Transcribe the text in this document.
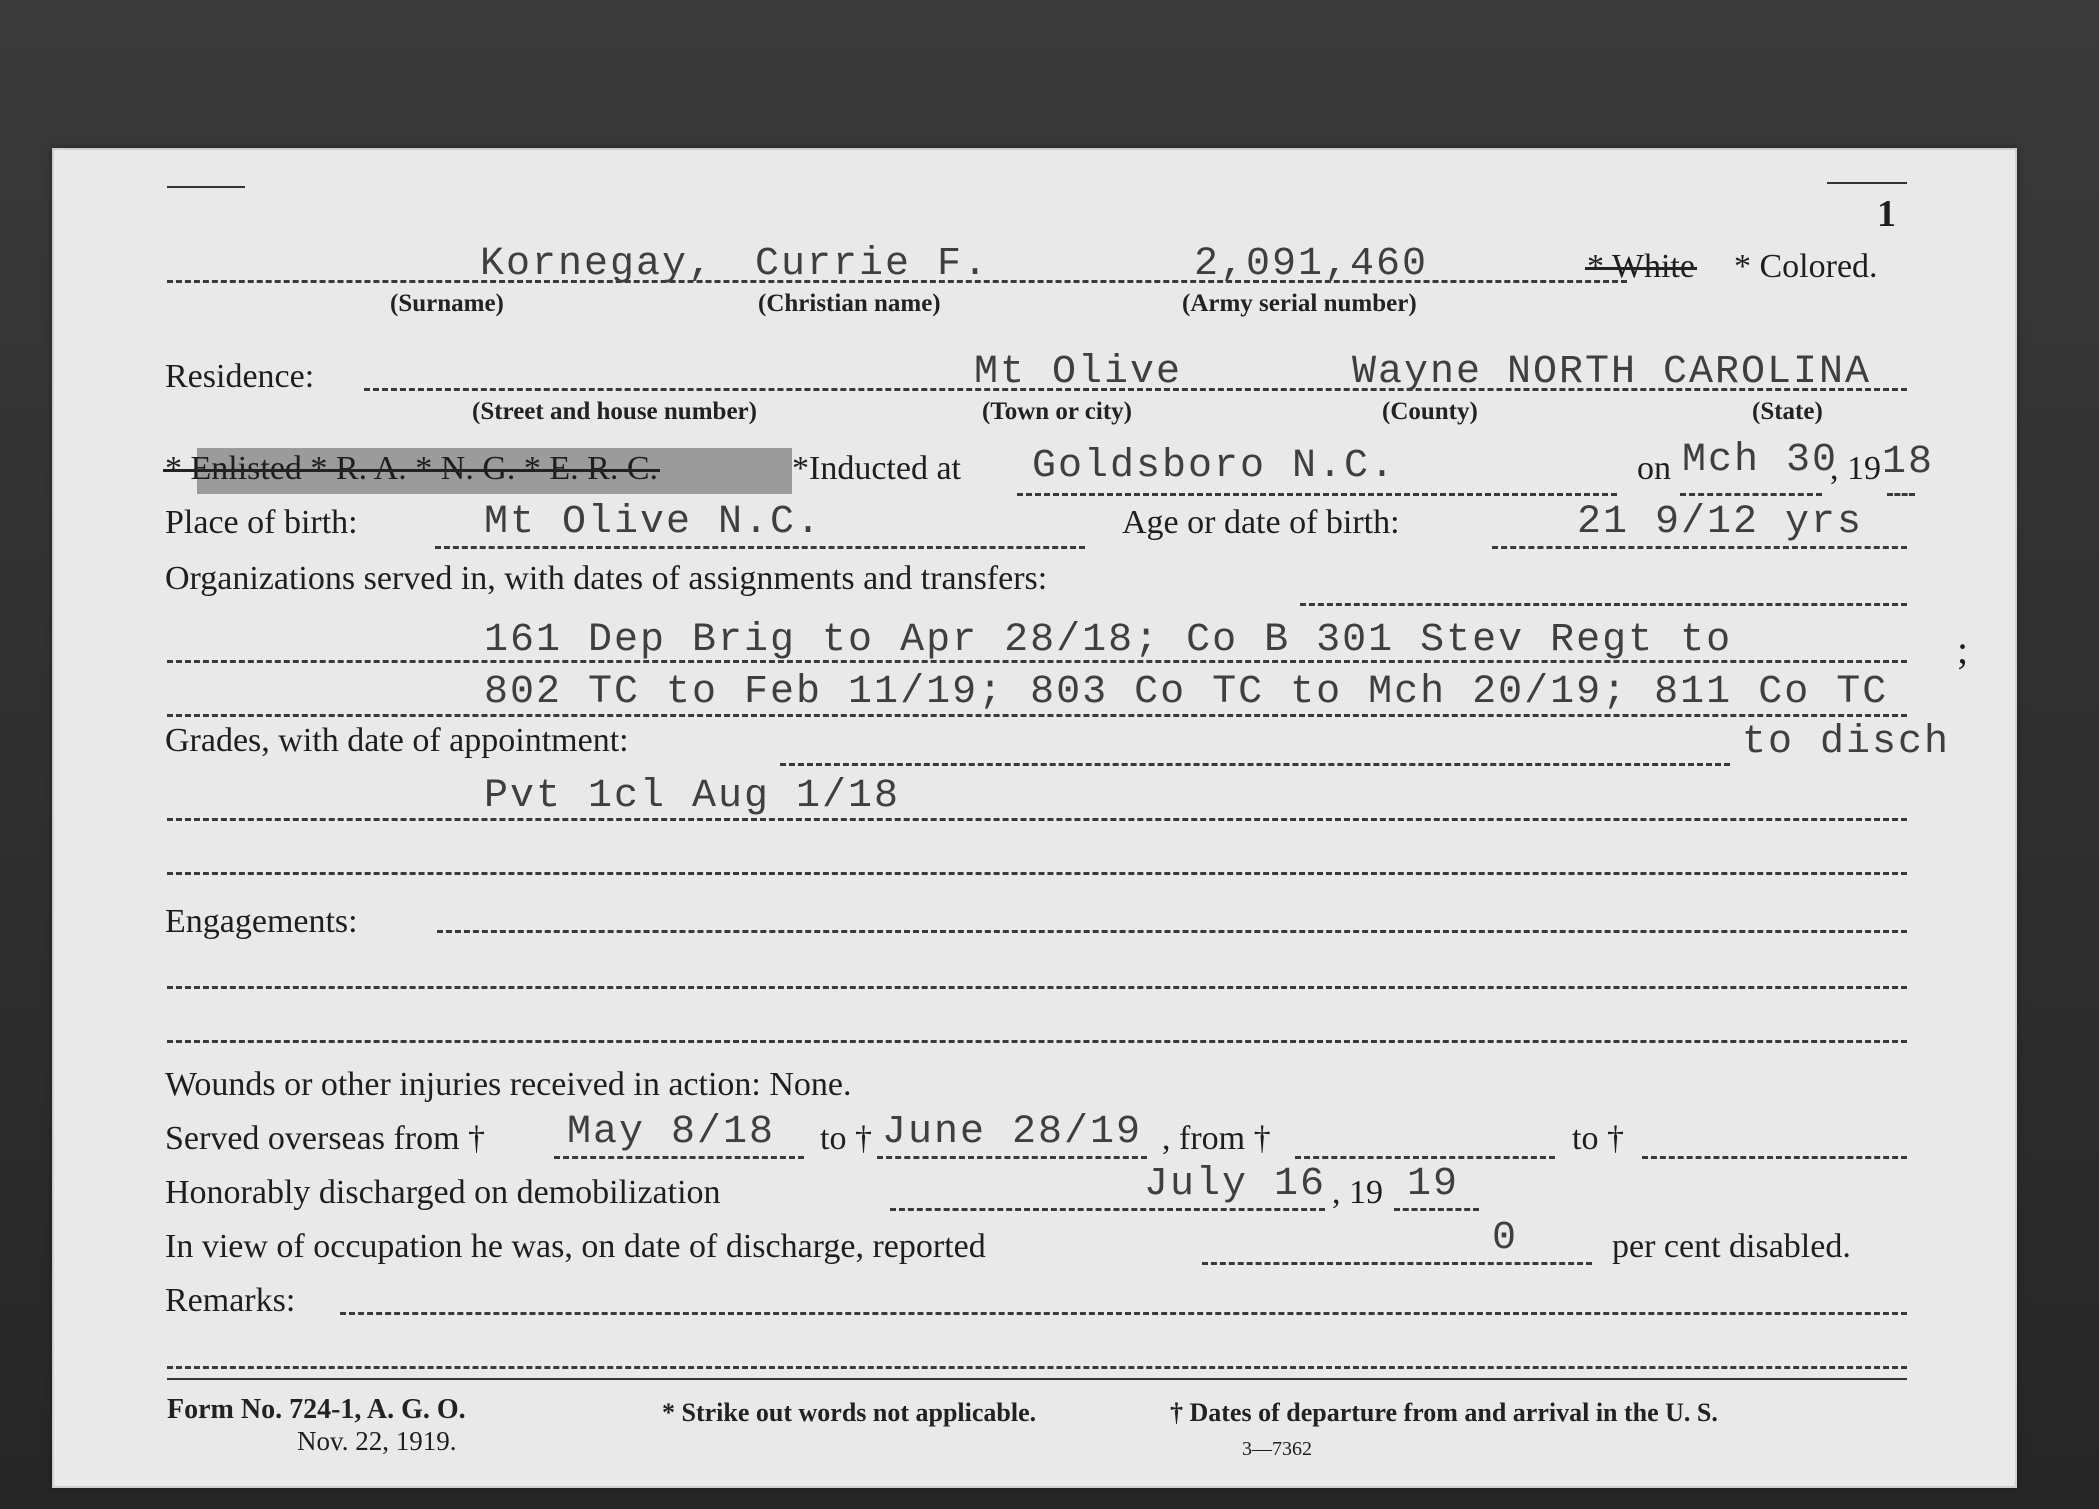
1
Kornegay, Currie F.	2,091,460	* White * Colored.
(Surname)	(Christian name)	(Army serial number)
Residence:	Mt Olive	Wayne NORTH CAROLINA
(Street and house number)	(Town or city)	(County)	(State)
* Enlisted * R. A. * N. G. * E. R. C.	*Inducted at Goldsboro N.C.	on Mch 30
, 19 18
Place of birth:	Mt Olive N.C.	Age or date of birth:	21 9/12 yrs
Organizations served in, with dates of assignments and transfers:
161 Dep Brig to Apr 28/18; Co B 301 Stev Regt to	;
802 TC to Feb 11/19; 803 Co TC to Mch 20/19; 811 Co TC
to disch
Grades, with date of appointment:
Pvt 1cl Aug 1/18
Engagements:
Wounds or other injuries received in action: None.
Served overseas from † May 8/18 to † June 28/19 , from †	to †
Honorably discharged on demobilization	July 16 , 19 19
In view of occupation he was, on date of discharge, reported	0	per cent disabled.
Remarks:
Form No. 724-1, A. G. O.
Nov. 22, 1919.
* Strike out words not applicable.	† Dates of departure from and arrival in the U. S.
3—7362
